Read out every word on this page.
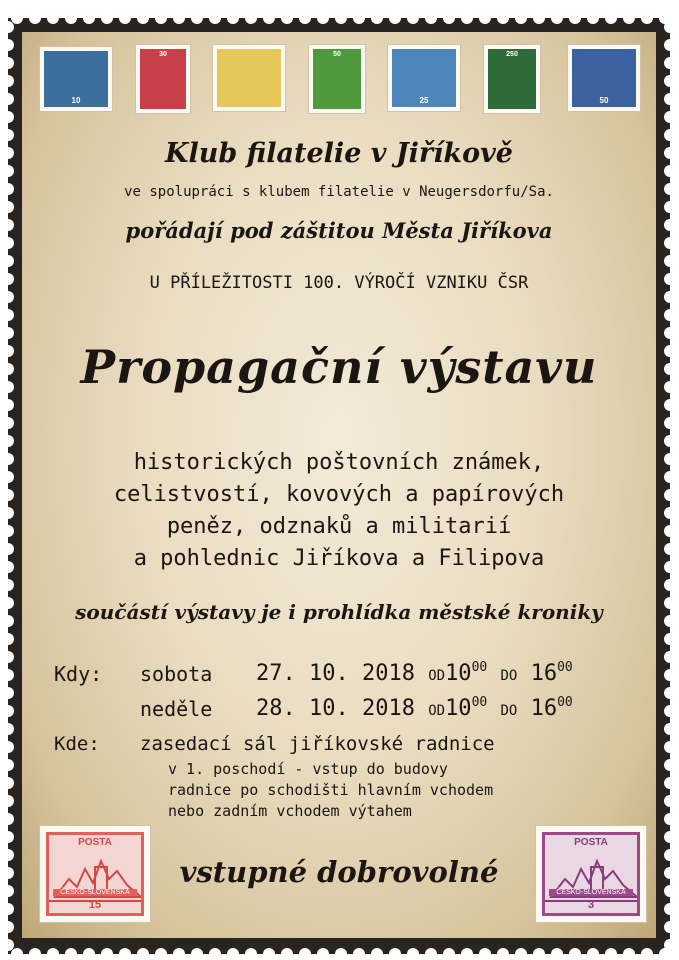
10
30	50
25
250
50
Klub filatelie v Jiříkově
ve spolupráci s klubem filatelie v Neugersdorfu/Sa.
pořádají pod záštitou Města Jiříkova
U PŘÍLEŽITOSTI 100. VÝROČÍ VZNIKU ČSR
Propagační výstavu
historických poštovních známek,
celistvostí, kovových a papírových
peněz, odznaků a militarií
a pohlednic Jiříkova a Filipova
součástí výstavy je i prohlídka městské kroniky
Kdy: sobota 27. 10. 2018 $OD10^{00}$ DO $16^{00}$
neděle 28. 10. 2018 $OD10^{00}$ DO $16^{00}$
Kde: zasedací sál jiříkovské radnice
v 1. poschodí - vstup do budovy
radnice po schodišti hlavním vchodem
nebo zadním vchodem výtahem
POSTA
ČESKO-SLOVENSKÁ
15
POSTA
ČESKO-SLOVENSKÁ
3
vstupné dobrovolné
